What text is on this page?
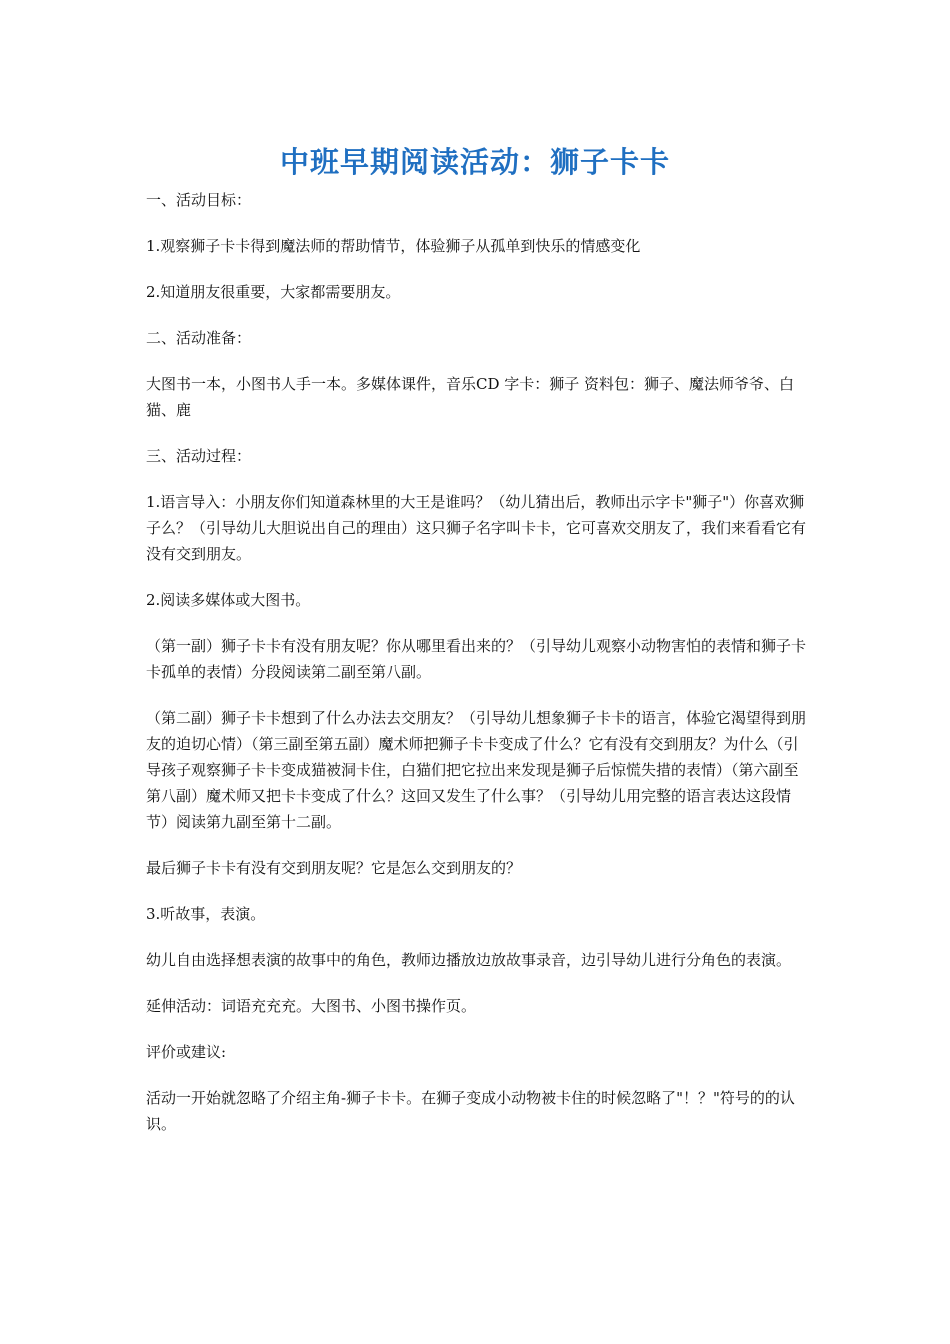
中班早期阅读活动：狮子卡卡

一、活动目标：

1.观察狮子卡卡得到魔法师的帮助情节，体验狮子从孤单到快乐的情感变化

2.知道朋友很重要，大家都需要朋友。

二、活动准备：

大图书一本，小图书人手一本。多媒体课件，音乐CD 字卡：狮子 资料包：狮子、魔法师爷爷、白猫、鹿

三、活动过程：

1.语言导入：小朋友你们知道森林里的大王是谁吗？（幼儿猜出后，教师出示字卡"狮子"）你喜欢狮子么？（引导幼儿大胆说出自己的理由）这只狮子名字叫卡卡，它可喜欢交朋友了，我们来看看它有没有交到朋友。

2.阅读多媒体或大图书。

（第一副）狮子卡卡有没有朋友呢？你从哪里看出来的？（引导幼儿观察小动物害怕的表情和狮子卡卡孤单的表情）分段阅读第二副至第八副。

（第二副）狮子卡卡想到了什么办法去交朋友？（引导幼儿想象狮子卡卡的语言，体验它渴望得到朋友的迫切心情）（第三副至第五副）魔术师把狮子卡卡变成了什么？它有没有交到朋友？为什么（引导孩子观察狮子卡卡变成猫被洞卡住，白猫们把它拉出来发现是狮子后惊慌失措的表情）（第六副至第八副）魔术师又把卡卡变成了什么？这回又发生了什么事？（引导幼儿用完整的语言表达这段情节）阅读第九副至第十二副。

最后狮子卡卡有没有交到朋友呢？它是怎么交到朋友的？

3.听故事，表演。

幼儿自由选择想表演的故事中的角色，教师边播放边放故事录音，边引导幼儿进行分角色的表演。

延伸活动：词语充充充。大图书、小图书操作页。

评价或建议:

活动一开始就忽略了介绍主角-狮子卡卡。在狮子变成小动物被卡住的时候忽略了"！？"符号的的认识。
